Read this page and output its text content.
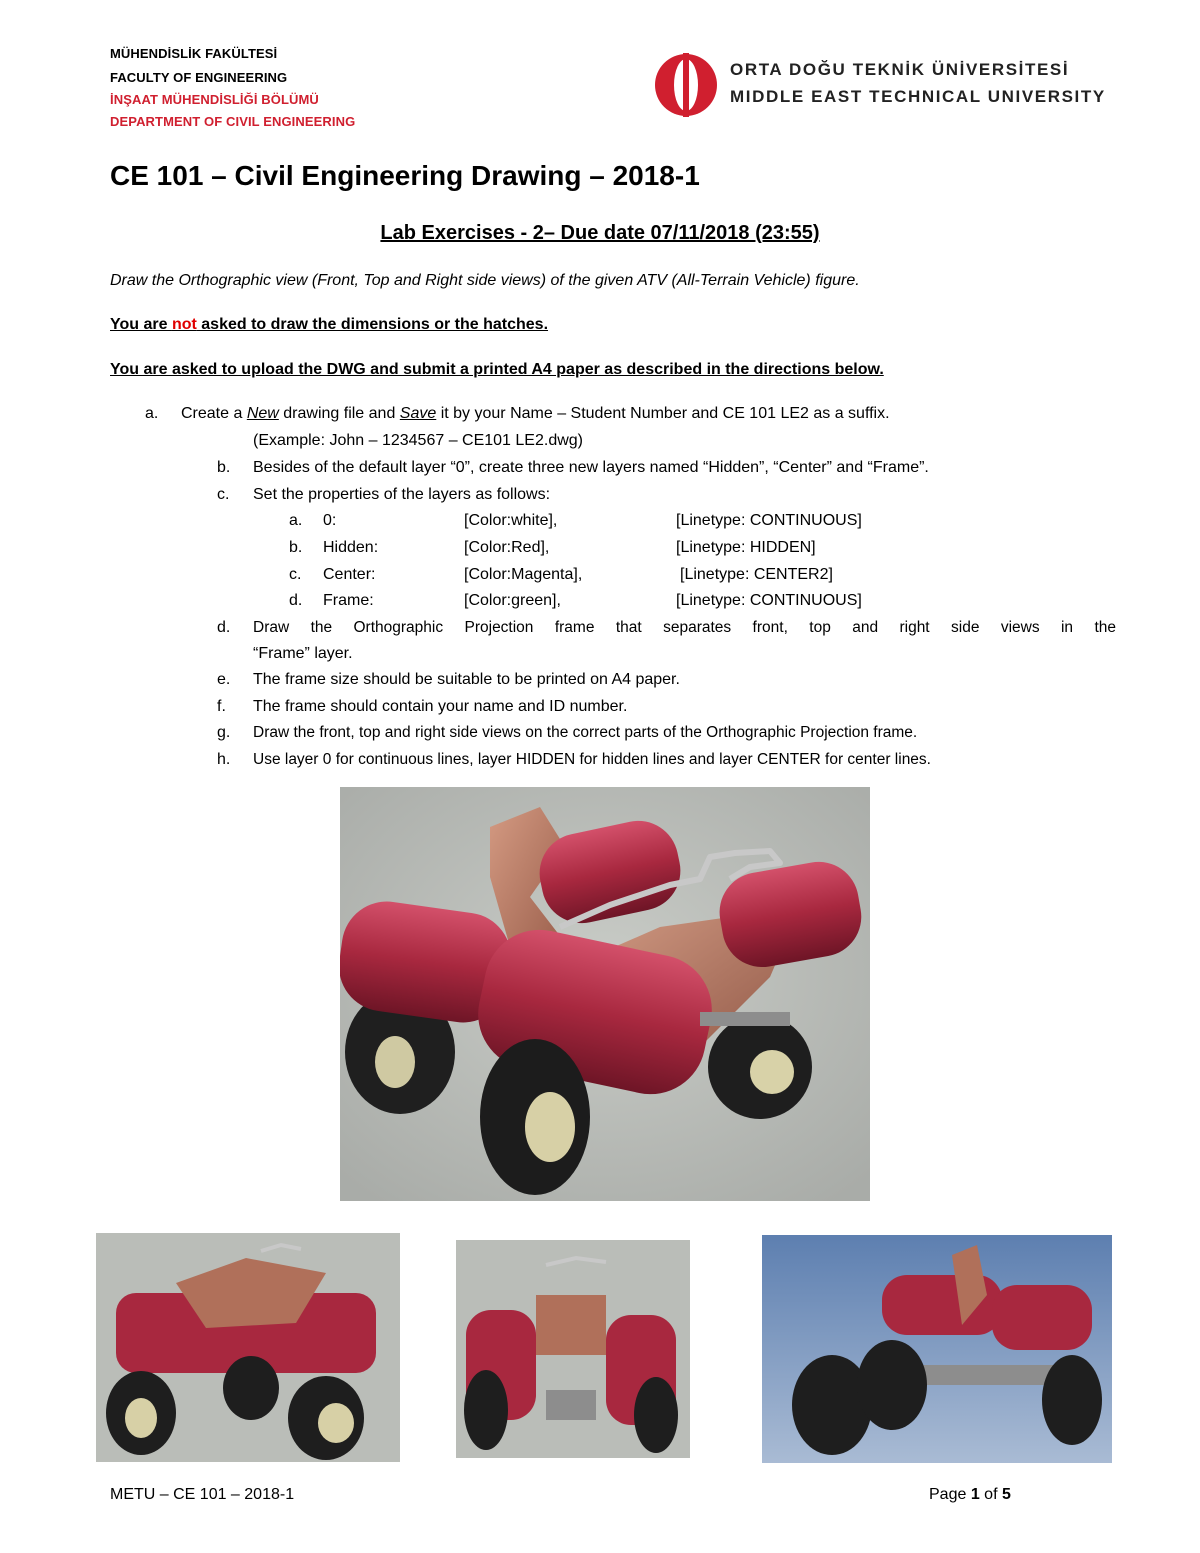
MÜHENDİSLİK FAKÜLTESİ
FACULTY OF ENGINEERING
İNŞAAT MÜHENDİSLİĞİ BÖLÜMÜ
DEPARTMENT OF CIVIL ENGINEERING
ORTA DOĞU TEKNİK ÜNİVERSİTESİ
MIDDLE EAST TECHNICAL UNIVERSITY
CE 101 – Civil Engineering Drawing – 2018-1
Lab Exercises - 2– Due date 07/11/2018 (23:55)
Draw the Orthographic view (Front, Top and Right side views) of the given ATV (All-Terrain Vehicle) figure.
You are not asked to draw the dimensions or the hatches.
You are asked to upload the DWG and submit a printed A4 paper as described in the directions below.
a. Create a New drawing file and Save it by your Name – Student Number and CE 101 LE2 as a suffix.
(Example: John – 1234567 – CE101 LE2.dwg)
b. Besides of the default layer “0”, create three new layers named “Hidden”, “Center” and “Frame”.
c. Set the properties of the layers as follows:
a. 0:	[Color:white],	[Linetype: CONTINUOUS]
b. Hidden:	[Color:Red],	[Linetype: HIDDEN]
c. Center:	[Color:Magenta],	[Linetype: CENTER2]
d. Frame:	[Color:green],	[Linetype: CONTINUOUS]
d. Draw the Orthographic Projection frame that separates front, top and right side views in the
“Frame” layer.
e. The frame size should be suitable to be printed on A4 paper.
f. The frame should contain your name and ID number.
g. Draw the front, top and right side views on the correct parts of the Orthographic Projection frame.
h. Use layer 0 for continuous lines, layer HIDDEN for hidden lines and layer CENTER for center lines.
METU – CE 101 – 2018-1	Page 1 of 5
